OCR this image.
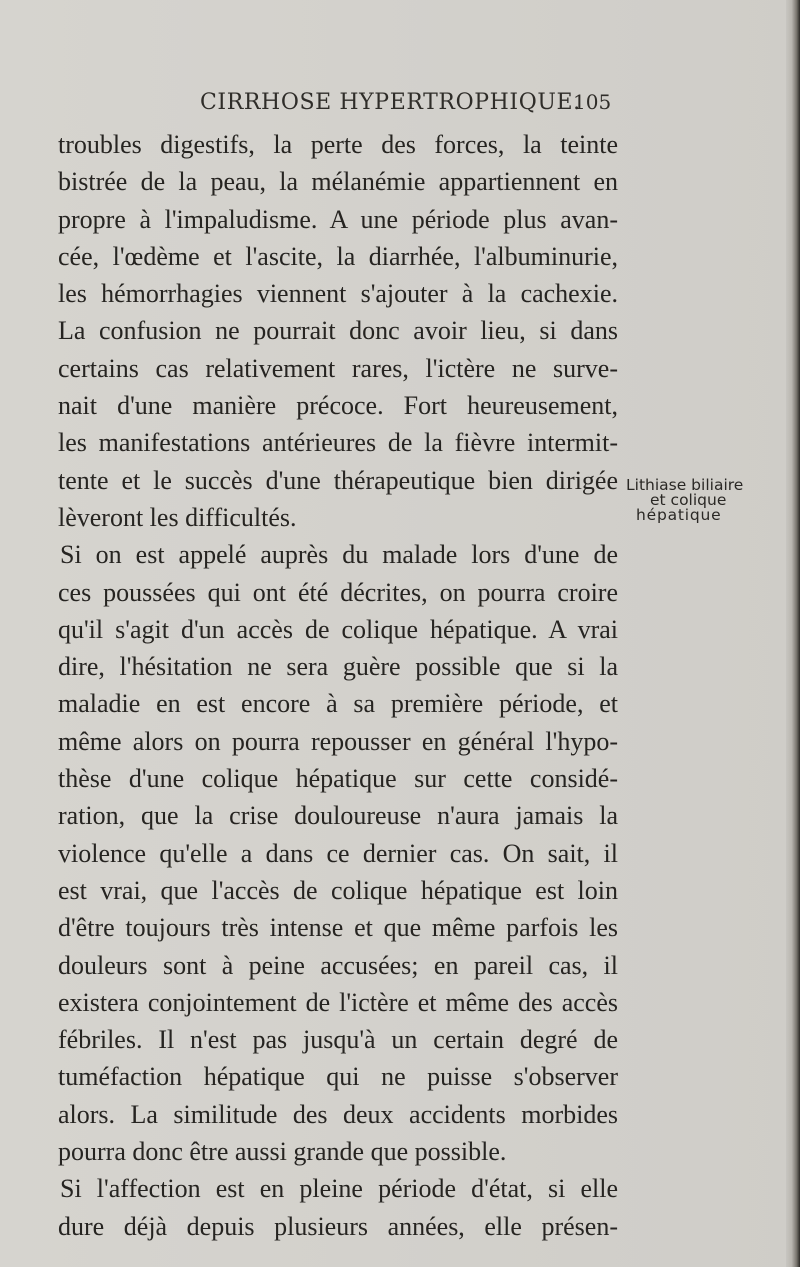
CIRRHOSE HYPERTROPHIQUE.
105
troubles digestifs, la perte des forces, la teinte
bistrée de la peau, la mélanémie appartiennent en
propre à l'impaludisme. A une période plus avan-
cée, l'œdème et l'ascite, la diarrhée, l'albuminurie,
les hémorrhagies viennent s'ajouter à la cachexie.
La confusion ne pourrait donc avoir lieu, si dans
certains cas relativement rares, l'ictère ne surve-
nait d'une manière précoce. Fort heureusement,
les manifestations antérieures de la fièvre intermit-
tente et le succès d'une thérapeutique bien dirigée
lèveront les difficultés.
Si on est appelé auprès du malade lors d'une de
ces poussées qui ont été décrites, on pourra croire
qu'il s'agit d'un accès de colique hépatique. A vrai
dire, l'hésitation ne sera guère possible que si la
maladie en est encore à sa première période, et
même alors on pourra repousser en général l'hypo-
thèse d'une colique hépatique sur cette considé-
ration, que la crise douloureuse n'aura jamais la
violence qu'elle a dans ce dernier cas. On sait, il
est vrai, que l'accès de colique hépatique est loin
d'être toujours très intense et que même parfois les
douleurs sont à peine accusées; en pareil cas, il
existera conjointement de l'ictère et même des accès
fébriles. Il n'est pas jusqu'à un certain degré de
tuméfaction hépatique qui ne puisse s'observer
alors. La similitude des deux accidents morbides
pourra donc être aussi grande que possible.
Si l'affection est en pleine période d'état, si elle
dure déjà depuis plusieurs années, elle présen-
Lithiase biliaire
et colique
hépatique
